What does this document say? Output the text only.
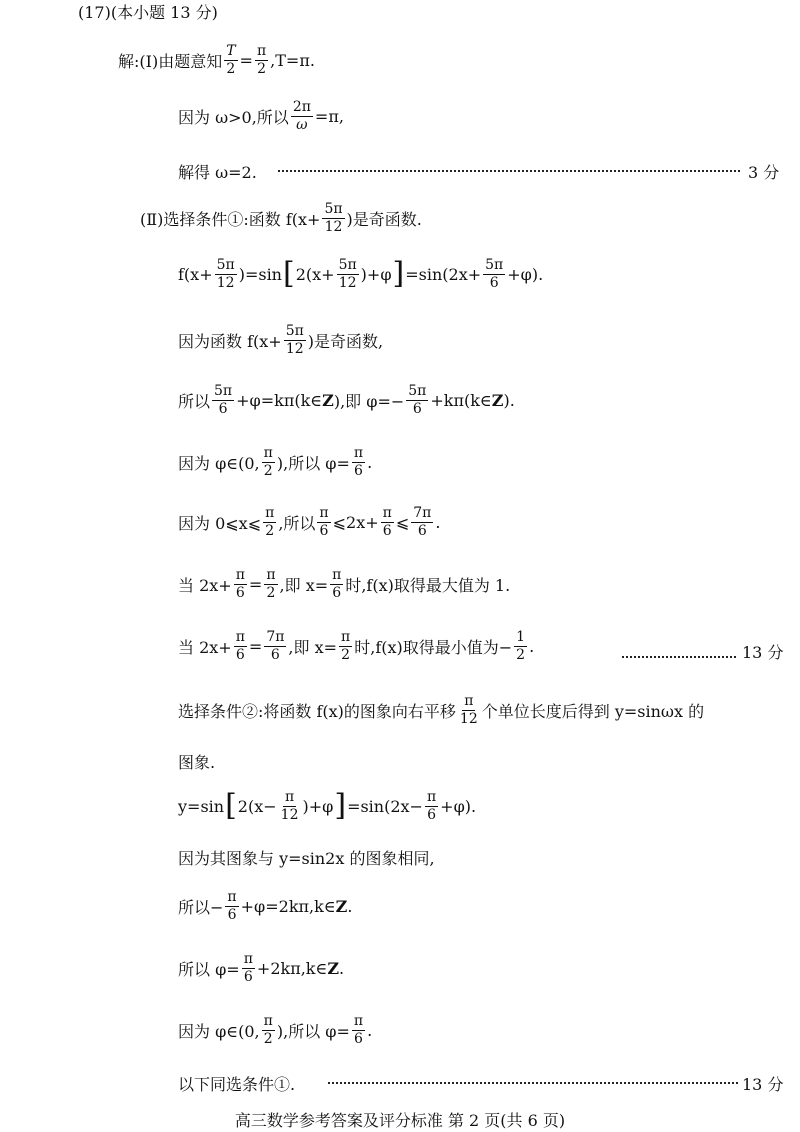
(17)(本小题 13 分)
解:(Ⅰ)由题意知 $\frac{T}{2} = \frac{\pi}{2} ,T=\pi$.
因为 ω>0,所以 $\frac{2\pi}{\omega} =\pi$,
解得 ω=2.	3 分
(Ⅱ)选择条件①:函数 $f(x+ \frac{5\pi}{12}$ )是奇函数.
$f(x+ \frac{5\pi}{12} )=\sin$ [ $2(x+ \frac{5\pi}{12} )+\varphi$ ] $=\sin(2x+ \frac{5\pi}{6} +\varphi)$.
因为函数 $f(x+ \frac{5\pi}{12}$ )是奇函数,
所以 $\frac{5\pi}{6}$ +φ=kπ(k∈ Z ),即 $\varphi=- \frac{5\pi}{6}$ +kπ(k∈ Z ).
因为 φ∈(0, $\frac{\pi}{2}$ ),所以 $\varphi= \frac{\pi}{6}$ .
因为 0⩽x⩽ $\frac{\pi}{2}$ ,所以 $\frac{\pi}{6}$ ⩽2x+ $\frac{\pi}{6}$ ⩽ $\frac{7\pi}{6}$ .
当 $2x+ \frac{\pi}{6} = \frac{\pi}{2}$ ,即 $x= \frac{\pi}{6}$ 时,f(x)取得最大值为 1.
当 $2x+ \frac{\pi}{6} = \frac{7\pi}{6}$ ,即 $x= \frac{\pi}{2}$ 时,f(x)取得最小值为− $\frac{1}{2}$ .	13 分
选择条件②:将函数 f(x)的图象向右平移 $\frac{\pi}{12}$ 个单位长度后得到 y=sinωx 的
图象.
y=sin [ $2(x- \frac{\pi}{12} )+\varphi$ ] $=\sin(2x- \frac{\pi}{6} +\varphi)$.
因为其图象与 y=sin2x 的图象相同,
所以− $\frac{\pi}{6}$ +φ=2kπ,k∈ Z .
所以 $\varphi= \frac{\pi}{6}$ +2kπ,k∈ Z .
因为 φ∈(0, $\frac{\pi}{2}$ ),所以 $\varphi= \frac{\pi}{6}$ .
以下同选条件①.	13 分
高三数学参考答案及评分标准 第 2 页(共 6 页)
